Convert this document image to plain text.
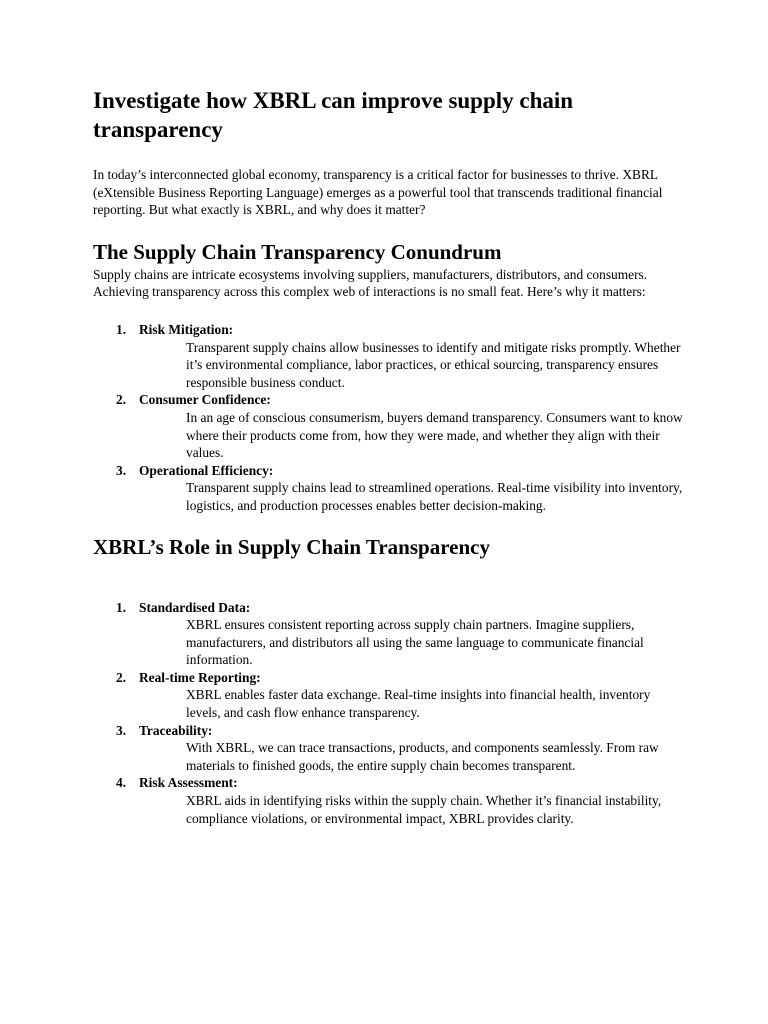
Investigate how XBRL can improve supply chain transparency

In today’s interconnected global economy, transparency is a critical factor for businesses to thrive. XBRL (eXtensible Business Reporting Language) emerges as a powerful tool that transcends traditional financial reporting. But what exactly is XBRL, and why does it matter?

The Supply Chain Transparency Conundrum

Supply chains are intricate ecosystems involving suppliers, manufacturers, distributors, and consumers. Achieving transparency across this complex web of interactions is no small feat. Here’s why it matters:

1. Risk Mitigation:
Transparent supply chains allow businesses to identify and mitigate risks promptly. Whether it’s environmental compliance, labor practices, or ethical sourcing, transparency ensures responsible business conduct.
2. Consumer Confidence:
In an age of conscious consumerism, buyers demand transparency. Consumers want to know where their products come from, how they were made, and whether they align with their values.
3. Operational Efficiency:
Transparent supply chains lead to streamlined operations. Real-time visibility into inventory, logistics, and production processes enables better decision-making.
XBRL’s Role in Supply Chain Transparency
1. Standardised Data:
XBRL ensures consistent reporting across supply chain partners. Imagine suppliers, manufacturers, and distributors all using the same language to communicate financial information.
2. Real-time Reporting:
XBRL enables faster data exchange. Real-time insights into financial health, inventory levels, and cash flow enhance transparency.
3. Traceability:
With XBRL, we can trace transactions, products, and components seamlessly. From raw materials to finished goods, the entire supply chain becomes transparent.
4. Risk Assessment:
XBRL aids in identifying risks within the supply chain. Whether it’s financial instability, compliance violations, or environmental impact, XBRL provides clarity.
